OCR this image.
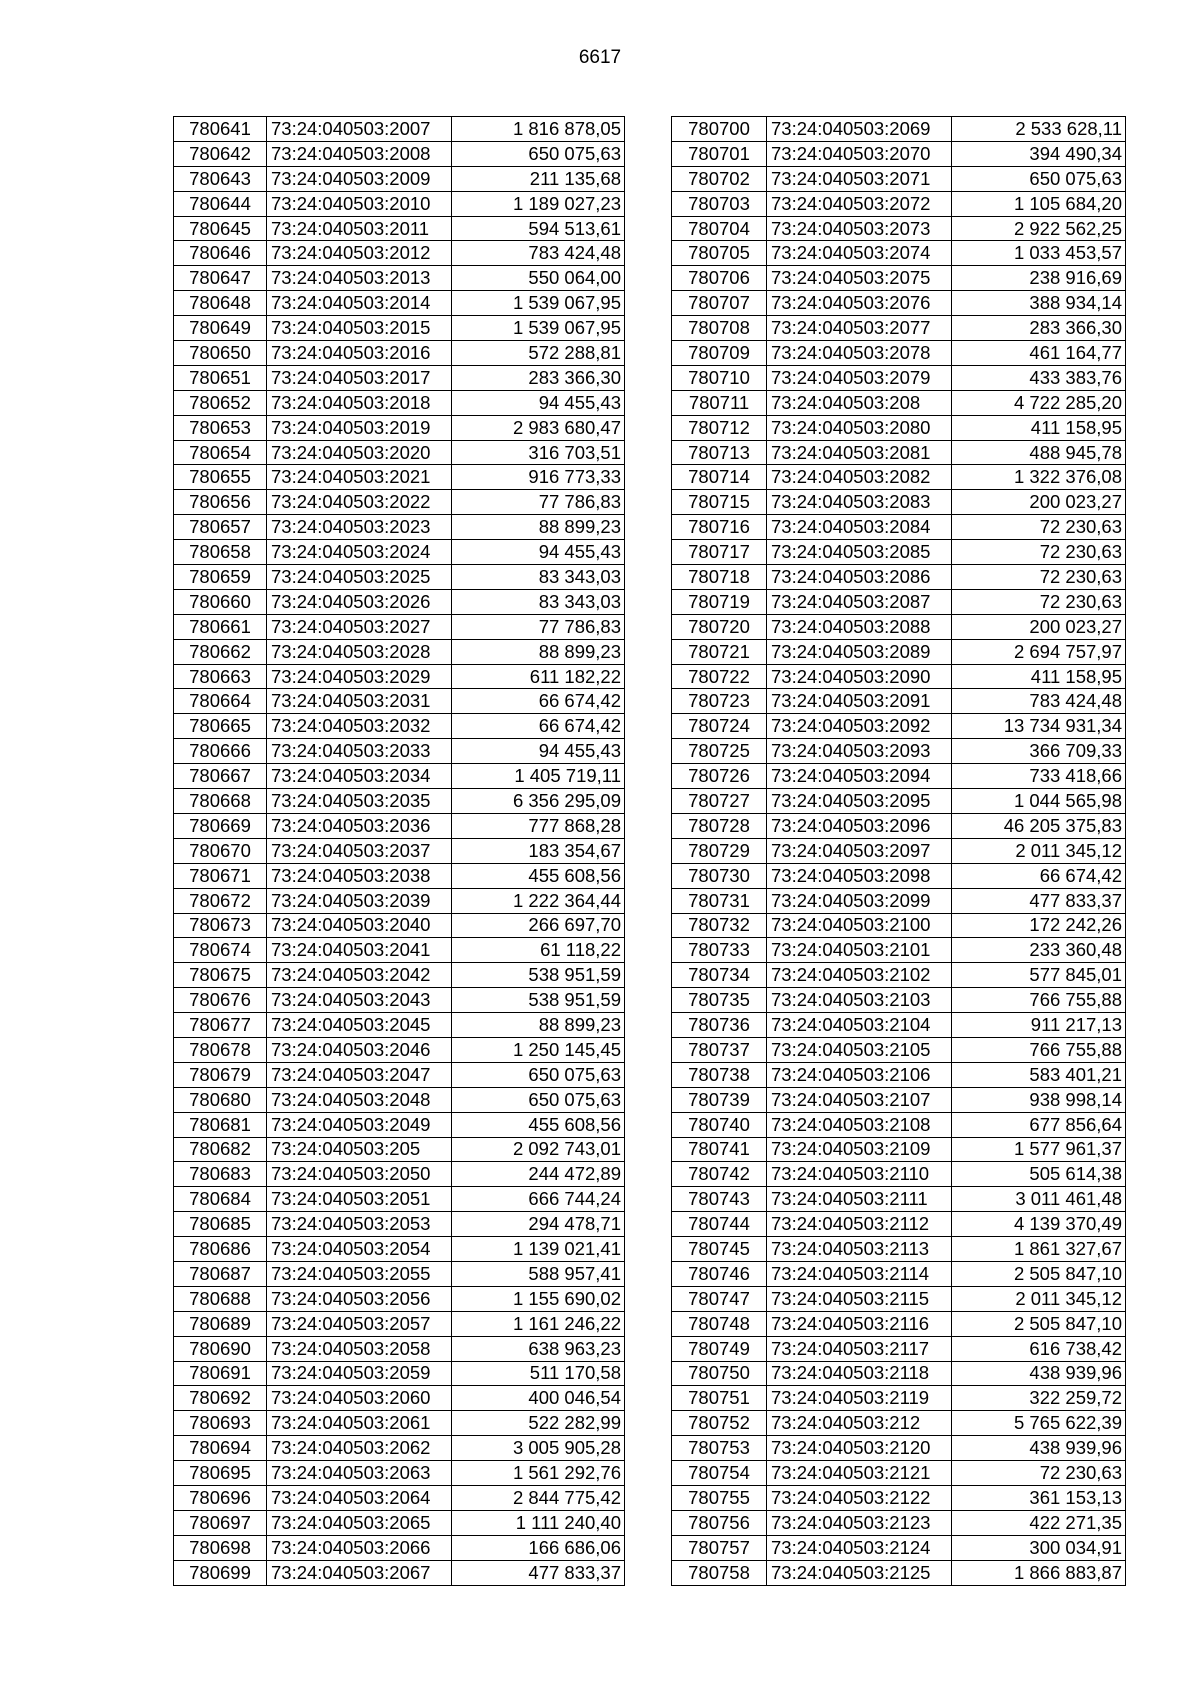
6617
780641	73:24:040503:2007	1 816 878,05
780642	73:24:040503:2008	650 075,63
780643	73:24:040503:2009	211 135,68
780644	73:24:040503:2010	1 189 027,23
780645	73:24:040503:2011	594 513,61
780646	73:24:040503:2012	783 424,48
780647	73:24:040503:2013	550 064,00
780648	73:24:040503:2014	1 539 067,95
780649	73:24:040503:2015	1 539 067,95
780650	73:24:040503:2016	572 288,81
780651	73:24:040503:2017	283 366,30
780652	73:24:040503:2018	94 455,43
780653	73:24:040503:2019	2 983 680,47
780654	73:24:040503:2020	316 703,51
780655	73:24:040503:2021	916 773,33
780656	73:24:040503:2022	77 786,83
780657	73:24:040503:2023	88 899,23
780658	73:24:040503:2024	94 455,43
780659	73:24:040503:2025	83 343,03
780660	73:24:040503:2026	83 343,03
780661	73:24:040503:2027	77 786,83
780662	73:24:040503:2028	88 899,23
780663	73:24:040503:2029	611 182,22
780664	73:24:040503:2031	66 674,42
780665	73:24:040503:2032	66 674,42
780666	73:24:040503:2033	94 455,43
780667	73:24:040503:2034	1 405 719,11
780668	73:24:040503:2035	6 356 295,09
780669	73:24:040503:2036	777 868,28
780670	73:24:040503:2037	183 354,67
780671	73:24:040503:2038	455 608,56
780672	73:24:040503:2039	1 222 364,44
780673	73:24:040503:2040	266 697,70
780674	73:24:040503:2041	61 118,22
780675	73:24:040503:2042	538 951,59
780676	73:24:040503:2043	538 951,59
780677	73:24:040503:2045	88 899,23
780678	73:24:040503:2046	1 250 145,45
780679	73:24:040503:2047	650 075,63
780680	73:24:040503:2048	650 075,63
780681	73:24:040503:2049	455 608,56
780682	73:24:040503:205	2 092 743,01
780683	73:24:040503:2050	244 472,89
780684	73:24:040503:2051	666 744,24
780685	73:24:040503:2053	294 478,71
780686	73:24:040503:2054	1 139 021,41
780687	73:24:040503:2055	588 957,41
780688	73:24:040503:2056	1 155 690,02
780689	73:24:040503:2057	1 161 246,22
780690	73:24:040503:2058	638 963,23
780691	73:24:040503:2059	511 170,58
780692	73:24:040503:2060	400 046,54
780693	73:24:040503:2061	522 282,99
780694	73:24:040503:2062	3 005 905,28
780695	73:24:040503:2063	1 561 292,76
780696	73:24:040503:2064	2 844 775,42
780697	73:24:040503:2065	1 111 240,40
780698	73:24:040503:2066	166 686,06
780699	73:24:040503:2067	477 833,37
780700	73:24:040503:2069	2 533 628,11
780701	73:24:040503:2070	394 490,34
780702	73:24:040503:2071	650 075,63
780703	73:24:040503:2072	1 105 684,20
780704	73:24:040503:2073	2 922 562,25
780705	73:24:040503:2074	1 033 453,57
780706	73:24:040503:2075	238 916,69
780707	73:24:040503:2076	388 934,14
780708	73:24:040503:2077	283 366,30
780709	73:24:040503:2078	461 164,77
780710	73:24:040503:2079	433 383,76
780711	73:24:040503:208	4 722 285,20
780712	73:24:040503:2080	411 158,95
780713	73:24:040503:2081	488 945,78
780714	73:24:040503:2082	1 322 376,08
780715	73:24:040503:2083	200 023,27
780716	73:24:040503:2084	72 230,63
780717	73:24:040503:2085	72 230,63
780718	73:24:040503:2086	72 230,63
780719	73:24:040503:2087	72 230,63
780720	73:24:040503:2088	200 023,27
780721	73:24:040503:2089	2 694 757,97
780722	73:24:040503:2090	411 158,95
780723	73:24:040503:2091	783 424,48
780724	73:24:040503:2092	13 734 931,34
780725	73:24:040503:2093	366 709,33
780726	73:24:040503:2094	733 418,66
780727	73:24:040503:2095	1 044 565,98
780728	73:24:040503:2096	46 205 375,83
780729	73:24:040503:2097	2 011 345,12
780730	73:24:040503:2098	66 674,42
780731	73:24:040503:2099	477 833,37
780732	73:24:040503:2100	172 242,26
780733	73:24:040503:2101	233 360,48
780734	73:24:040503:2102	577 845,01
780735	73:24:040503:2103	766 755,88
780736	73:24:040503:2104	911 217,13
780737	73:24:040503:2105	766 755,88
780738	73:24:040503:2106	583 401,21
780739	73:24:040503:2107	938 998,14
780740	73:24:040503:2108	677 856,64
780741	73:24:040503:2109	1 577 961,37
780742	73:24:040503:2110	505 614,38
780743	73:24:040503:2111	3 011 461,48
780744	73:24:040503:2112	4 139 370,49
780745	73:24:040503:2113	1 861 327,67
780746	73:24:040503:2114	2 505 847,10
780747	73:24:040503:2115	2 011 345,12
780748	73:24:040503:2116	2 505 847,10
780749	73:24:040503:2117	616 738,42
780750	73:24:040503:2118	438 939,96
780751	73:24:040503:2119	322 259,72
780752	73:24:040503:212	5 765 622,39
780753	73:24:040503:2120	438 939,96
780754	73:24:040503:2121	72 230,63
780755	73:24:040503:2122	361 153,13
780756	73:24:040503:2123	422 271,35
780757	73:24:040503:2124	300 034,91
780758	73:24:040503:2125	1 866 883,87
